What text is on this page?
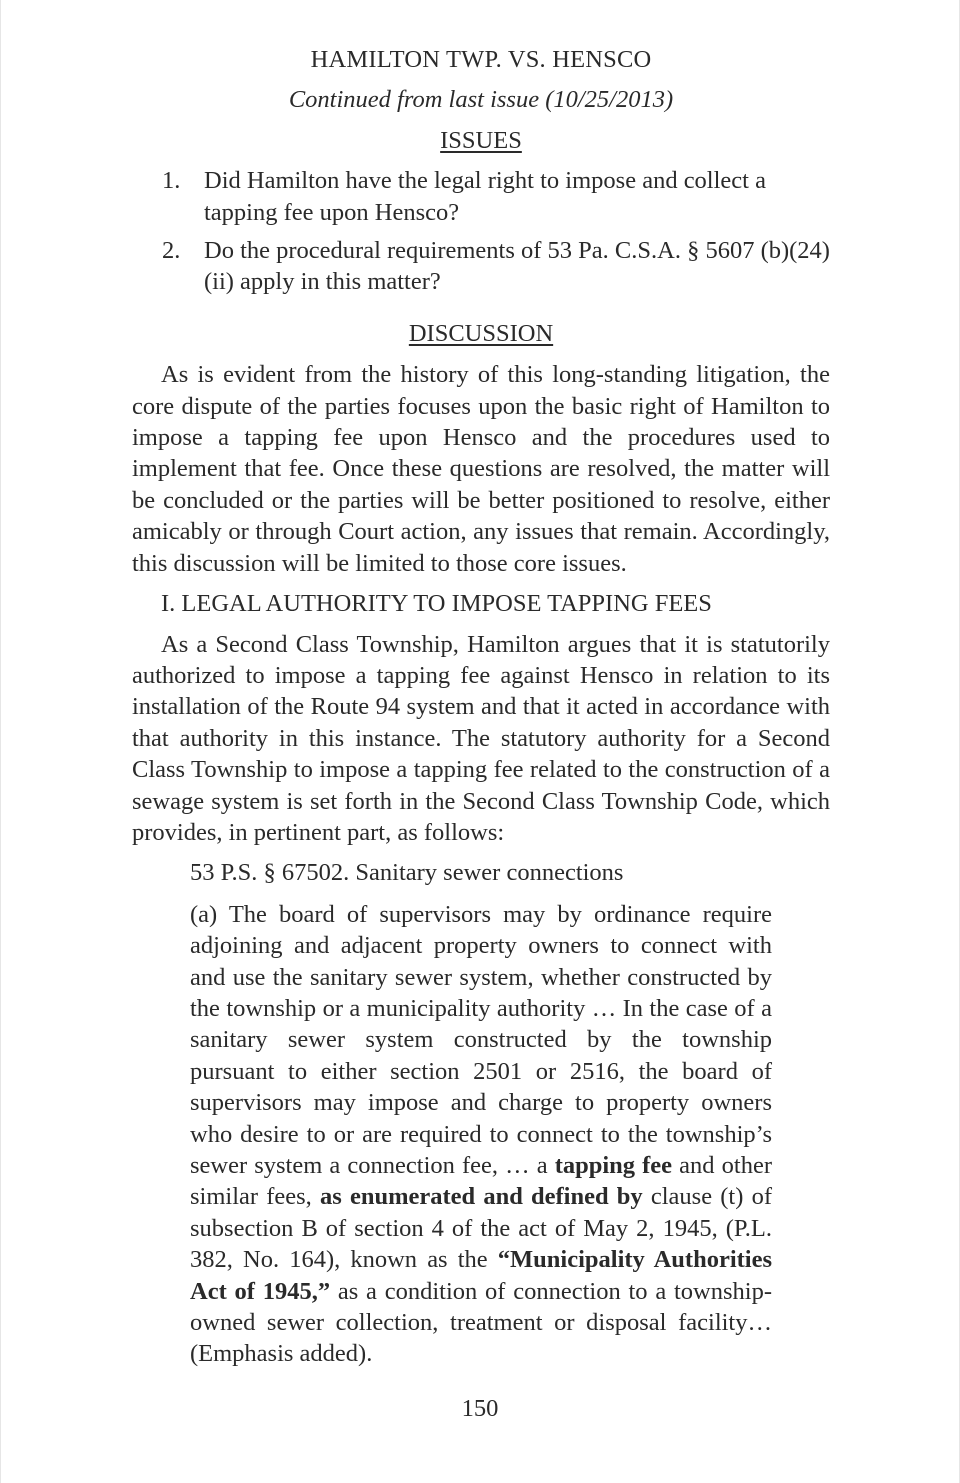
HAMILTON TWP. VS. HENSCO
Continued from last issue (10/25/2013)
ISSUES
1. Did Hamilton have the legal right to impose and collect a tapping fee upon Hensco?
2. Do the procedural requirements of 53 Pa. C.S.A. § 5607 (b)(24)(ii) apply in this matter?
DISCUSSION

As is evident from the history of this long-standing litigation, the core dispute of the parties focuses upon the basic right of Hamilton to impose a tapping fee upon Hensco and the procedures used to implement that fee. Once these questions are resolved, the matter will be concluded or the parties will be better positioned to resolve, either amicably or through Court action, any issues that remain. Accordingly, this discussion will be limited to those core issues.

I. LEGAL AUTHORITY TO IMPOSE TAPPING FEES

As a Second Class Township, Hamilton argues that it is statutorily authorized to impose a tapping fee against Hensco in relation to its installation of the Route 94 system and that it acted in accordance with that authority in this instance. The statutory authority for a Second Class Township to impose a tapping fee related to the construction of a sewage system is set forth in the Second Class Township Code, which provides, in pertinent part, as follows:

53 P.S. § 67502. Sanitary sewer connections

(a) The board of supervisors may by ordinance require adjoining and adjacent property owners to connect with and use the sanitary sewer system, whether constructed by the township or a municipality authority … In the case of a sanitary sewer system constructed by the township pursuant to either section 2501 or 2516, the board of supervisors may impose and charge to property owners who desire to or are required to connect to the township’s sewer system a connection fee, … a tapping fee and other similar fees, as enumerated and defined by clause (t) of subsection B of section 4 of the act of May 2, 1945, (P.L. 382, No. 164), known as the “Municipality Authorities Act of 1945,” as a condition of connection to a township-owned sewer collection, treatment or disposal facility…(Emphasis added).

150
